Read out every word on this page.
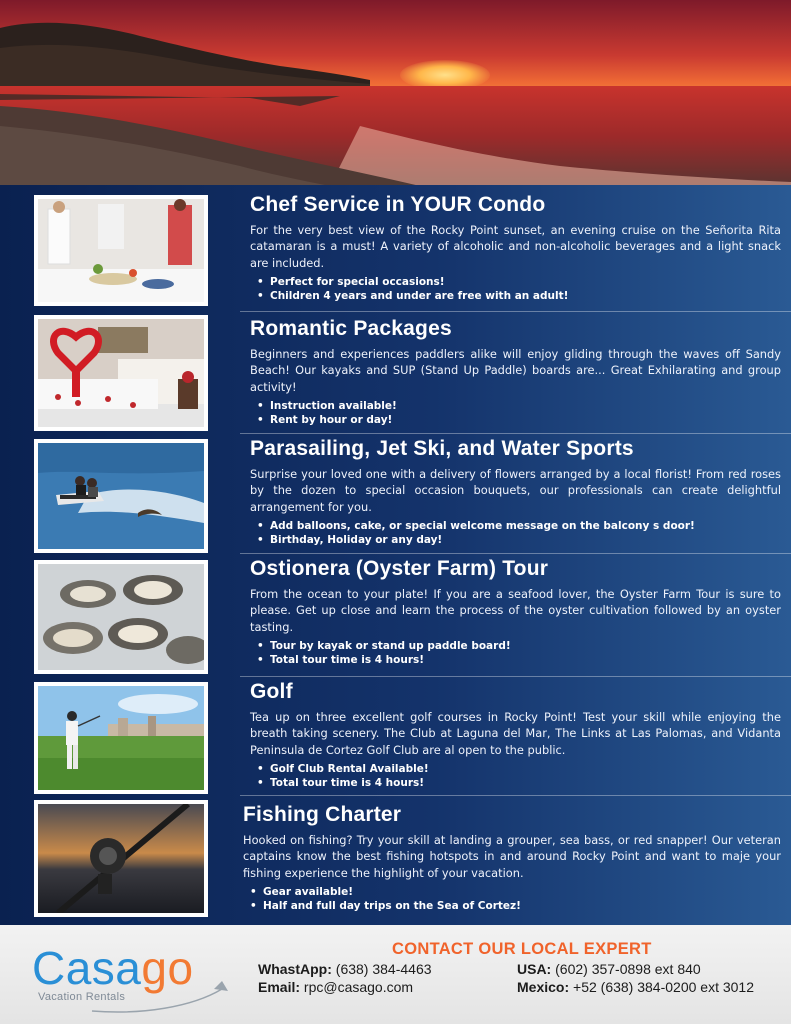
Chef Service in YOUR Condo
For the very best view of the Rocky Point sunset, an evening cruise on the Señorita Rita catamaran is a must! A variety of alcoholic and non-alcoholic beverages and a light snack are included.
• Perfect for special occasions!
• Children 4 years and under are free with an adult!
Romantic Packages
Beginners and experiences paddlers alike will enjoy gliding through the waves off Sandy Beach! Our kayaks and SUP (Stand Up Paddle) boards are... Great Exhilarating and group activity!
• Instruction available!
• Rent by hour or day!
Parasailing, Jet Ski, and Water Sports
Surprise your loved one with a delivery of flowers arranged by a local florist! From red roses by the dozen to special occasion bouquets, our professionals can create delightful arrangement for you.
• Add balloons, cake, or special welcome message on the balcony s door!
• Birthday, Holiday or any day!
Ostionera (Oyster Farm) Tour
From the ocean to your plate! If you are a seafood lover, the Oyster Farm Tour is sure to please. Get up close and learn the process of the oyster cultivation followed by an oyster tasting.
• Tour by kayak or stand up paddle board!
• Total tour time is 4 hours!
Golf
Tea up on three excellent golf courses in Rocky Point! Test your skill while enjoying the breath taking scenery. The Club at Laguna del Mar, The Links at Las Palomas, and Vidanta Peninsula de Cortez Golf Club are al open to the public.
• Golf Club Rental Available!
• Total tour time is 4 hours!
Fishing Charter
Hooked on fishing? Try your skill at landing a grouper, sea bass, or red snapper! Our veteran captains know the best fishing hotspots in and around Rocky Point and want to maje your fishing experience the highlight of your vacation.
• Gear available!
• Half and full day trips on the Sea of Cortez!
Casago
Vacation Rentals
CONTACT OUR LOCAL EXPERT
WhastApp: (638) 384-4463
Email: rpc@casago.com
USA: (602) 357-0898 ext 840
Mexico: +52 (638) 384-0200 ext 3012
